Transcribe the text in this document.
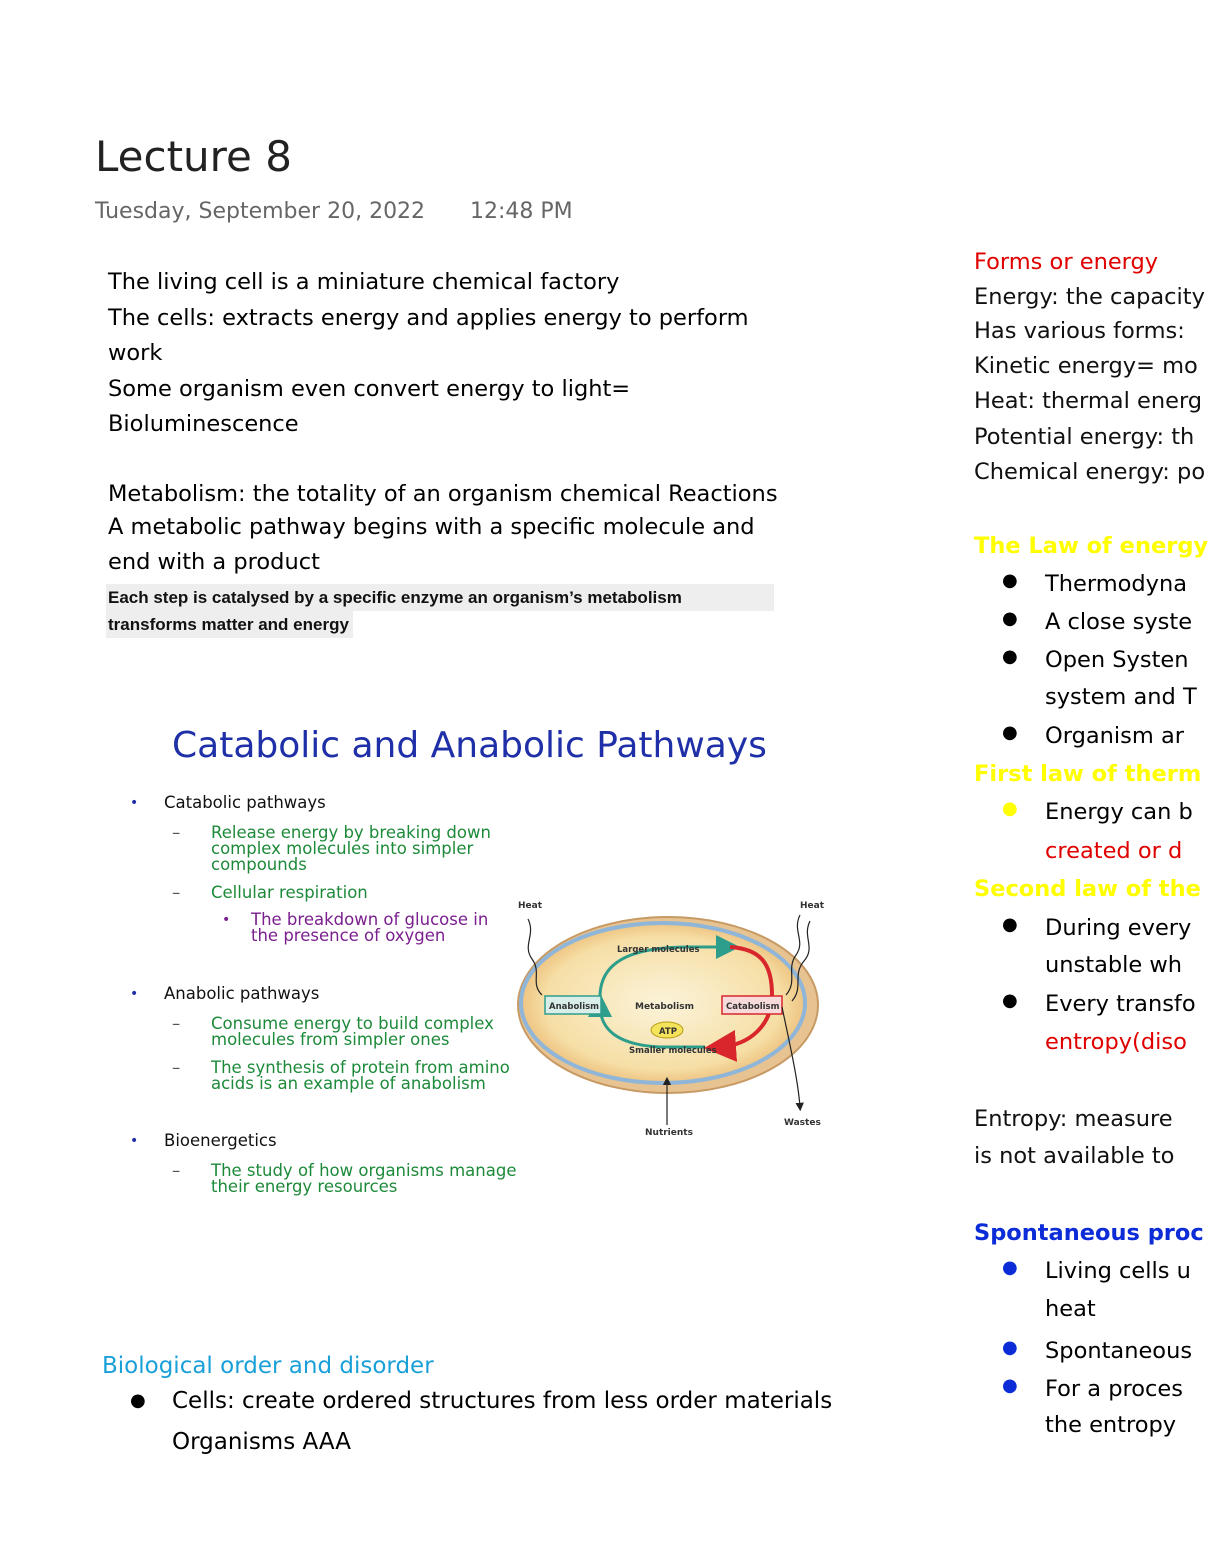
Lecture 8
Tuesday, September 20, 2022 12:48 PM
The living cell is a miniature chemical factory
The cells: extracts energy and applies energy to perform
work
Some organism even convert energy to light=
Bioluminescence
Metabolism: the totality of an organism chemical Reactions
A metabolic pathway begins with a specific molecule and
end with a product
Each step is catalysed by a specific enzyme an organism’s metabolism
transforms matter and energy
Catabolic and Anabolic Pathways
• Catabolic pathways
– Release energy by breaking down
complex molecules into simpler
compounds
– Cellular respiration
• The breakdown of glucose in
the presence of oxygen
• Anabolic pathways
– Consume energy to build complex
molecules from simpler ones
– The synthesis of protein from amino
acids is an example of anabolism
• Bioenergetics
– The study of how organisms manage
their energy resources
Heat	Heat
Larger molecules
Anabolism	Metabolism	Catabolism
ATP
Smaller molecules
Nutrients
Wastes
Biological order and disorder
● Cells: create ordered structures from less order materials
Organisms AAA
Forms or energy
Energy: the capacity
Has various forms:
Kinetic energy= mo
Heat: thermal energ
Potential energy: th
Chemical energy: po
The Law of energy
● Thermodyna
● A close syste
● Open Systen
system and T
● Organism ar
First law of therm
● Energy can b
created or d
Second law of the
● During every
unstable wh
● Every transfo
entropy(diso
Entropy: measure
is not available to
Spontaneous proc
● Living cells u
heat
● Spontaneous
● For a proces
the entropy
